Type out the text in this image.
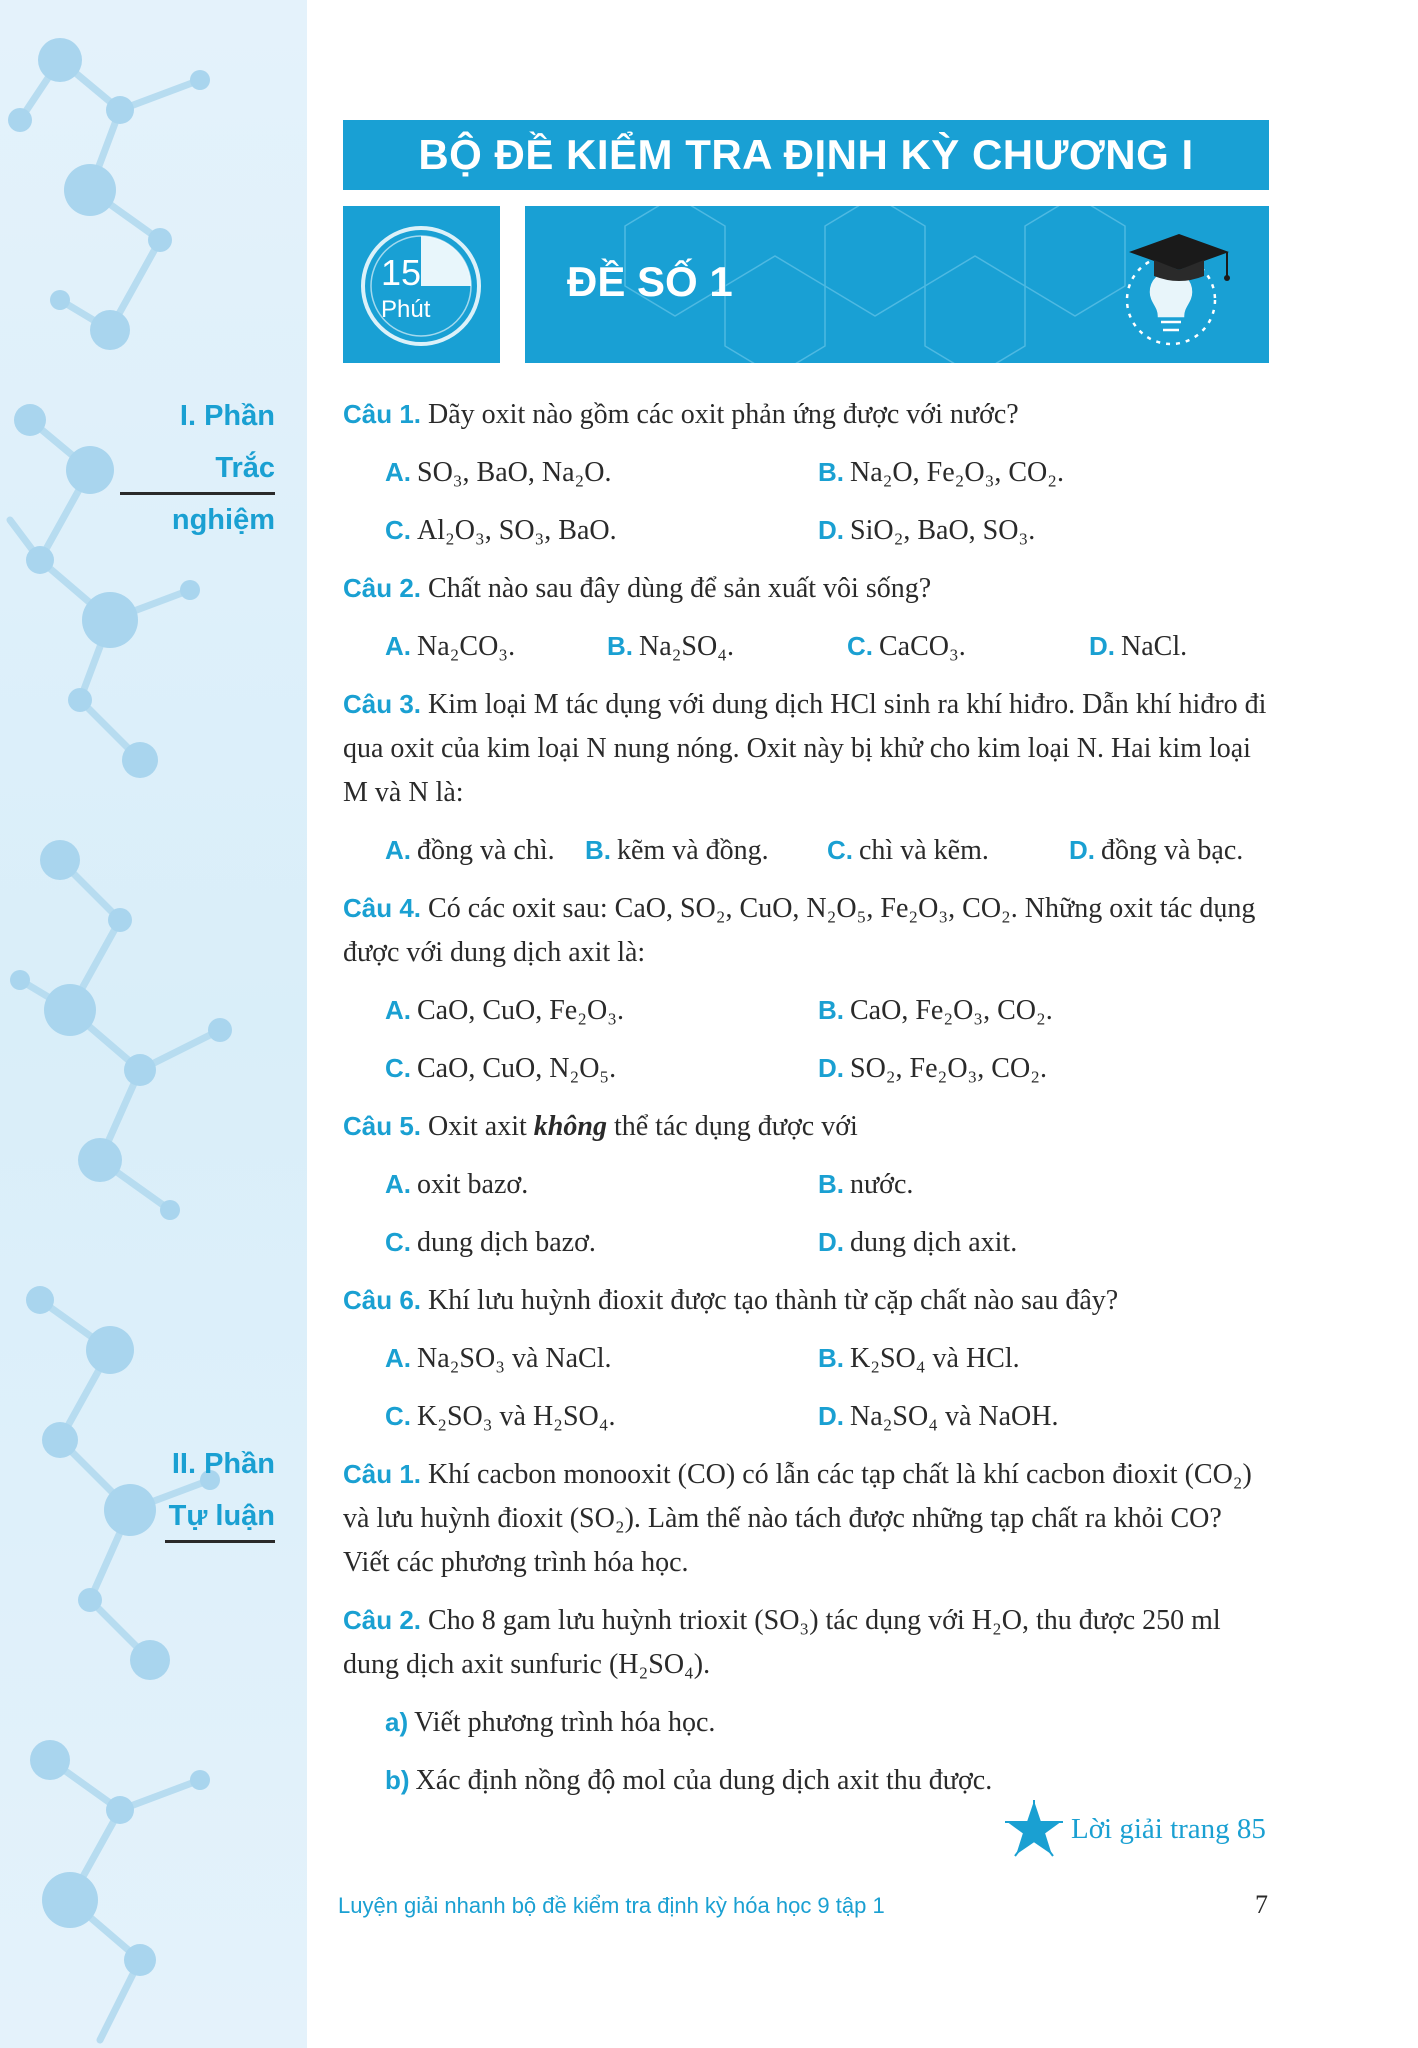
BỘ ĐỀ KIỂM TRA ĐỊNH KỲ CHƯƠNG I
15
Phút
ĐỀ SỐ 1
I. Phần
Trắc nghiệm
II. Phần
Tự luận

Câu 1. Dãy oxit nào gồm các oxit phản ứng được với nước?

A. SO₃, BaO, Na₂O.	B. Na₂O, Fe₂O₃, CO₂.
C. Al₂O₃, SO₃, BaO.	D. SiO₂, BaO, SO₃.

Câu 2. Chất nào sau đây dùng để sản xuất vôi sống?

A. Na₂CO₃.	B. Na₂SO₄.	C. CaCO₃.	D. NaCl.

Câu 3. Kim loại M tác dụng với dung dịch HCl sinh ra khí hiđro. Dẫn khí hiđro đi qua oxit của kim loại N nung nóng. Oxit này bị khử cho kim loại N. Hai kim loại M và N là:

A. đồng và chì.	B. kẽm và đồng.	C. chì và kẽm.	D. đồng và bạc.

Câu 4. Có các oxit sau: CaO, SO₂, CuO, N₂O₅, Fe₂O₃, CO₂. Những oxit tác dụng được với dung dịch axit là:

A. CaO, CuO, Fe₂O₃.	B. CaO, Fe₂O₃, CO₂.
C. CaO, CuO, N₂O₅.	D. SO₂, Fe₂O₃, CO₂.

Câu 5. Oxit axit không thể tác dụng được với

A. oxit bazơ.	B. nước.
C. dung dịch bazơ.	D. dung dịch axit.

Câu 6. Khí lưu huỳnh đioxit được tạo thành từ cặp chất nào sau đây?

A. Na₂SO₃ và NaCl.	B. K₂SO₄ và HCl.
C. K₂SO₃ và H₂SO₄.	D. Na₂SO₄ và NaOH.

Câu 1. Khí cacbon monooxit (CO) có lẫn các tạp chất là khí cacbon đioxit (CO₂) và lưu huỳnh đioxit (SO₂). Làm thế nào tách được những tạp chất ra khỏi CO? Viết các phương trình hóa học.

Câu 2. Cho 8 gam lưu huỳnh trioxit (SO₃) tác dụng với H₂O, thu được 250 ml dung dịch axit sunfuric (H₂SO₄).

a) Viết phương trình hóa học.
b) Xác định nồng độ mol của dung dịch axit thu được.
Lời giải trang 85
Luyện giải nhanh bộ đề kiểm tra định kỳ hóa học 9 tập 1	7
